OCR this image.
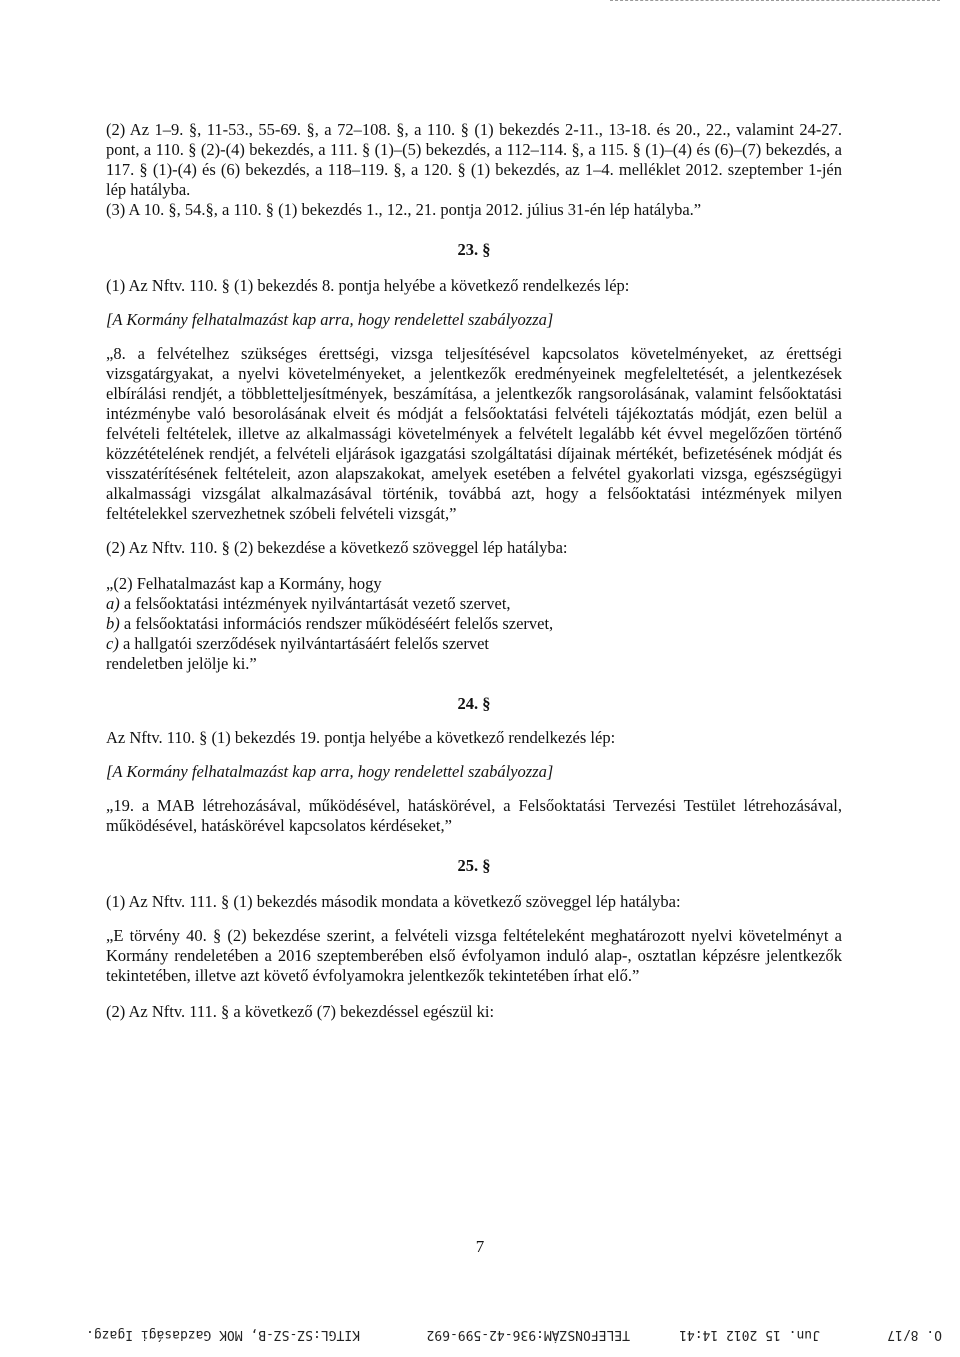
(2) Az 1–9. §, 11-53., 55-69. §, a 72–108. §, a 110. § (1) bekezdés 2-11., 13-18. és 20., 22., valamint 24-27. pont, a 110. § (2)-(4) bekezdés, a 111. § (1)–(5) bekezdés, a 112–114. §, a 115. § (1)–(4) és (6)–(7) bekezdés, a 117. § (1)-(4) és (6) bekezdés, a 118–119. §, a 120. § (1) bekezdés, az 1–4. melléklet 2012. szeptember 1-jén lép hatályba.

(3) A 10. §, 54.§, a 110. § (1) bekezdés 1., 12., 21. pontja 2012. július 31-én lép hatályba.”

23. §

(1) Az Nftv. 110. § (1) bekezdés 8. pontja helyébe a következő rendelkezés lép:

[A Kormány felhatalmazást kap arra, hogy rendelettel szabályozza]

„8. a felvételhez szükséges érettségi, vizsga teljesítésével kapcsolatos követelményeket, az érettségi vizsgatárgyakat, a nyelvi követelményeket, a jelentkezők eredményeinek megfeleltetését, a jelentkezések elbírálási rendjét, a többletteljesítmények, beszámítása, a jelentkezők rangsorolásának, valamint felsőoktatási intézménybe való besorolásának elveit és módját a felsőoktatási felvételi tájékoztatás módját, ezen belül a felvételi feltételek, illetve az alkalmassági követelmények a felvételt legalább két évvel megelőzően történő közzétételének rendjét, a felvételi eljárások igazgatási szolgáltatási díjainak mértékét, befizetésének módját és visszatérítésének feltételeit, azon alapszakokat, amelyek esetében a felvétel gyakorlati vizsga, egészségügyi alkalmassági vizsgálat alkalmazásával történik, továbbá azt, hogy a felsőoktatási intézmények milyen feltételekkel szervezhetnek szóbeli felvételi vizsgát,”

(2) Az Nftv. 110. § (2) bekezdése a következő szöveggel lép hatályba:

„(2) Felhatalmazást kap a Kormány, hogy

a) a felsőoktatási intézmények nyilvántartását vezető szervet,

b) a felsőoktatási információs rendszer működéséért felelős szervet,

c) a hallgatói szerződések nyilvántartásáért felelős szervet

rendeletben jelölje ki.”

24. §

Az Nftv. 110. § (1) bekezdés 19. pontja helyébe a következő rendelkezés lép:

[A Kormány felhatalmazást kap arra, hogy rendelettel szabályozza]

„19. a MAB létrehozásával, működésével, hatáskörével, a Felsőoktatási Tervezési Testület létrehozásával, működésével, hatáskörével kapcsolatos kérdéseket,”

25. §

(1) Az Nftv. 111. § (1) bekezdés második mondata a következő szöveggel lép hatályba:

„E törvény 40. § (2) bekezdése szerint, a felvételi vizsga feltételeként meghatározott nyelvi követelményt a Kormány rendeletében a 2016 szeptemberében első évfolyamon induló alap-, osztatlan képzésre jelentkezők tekintetében, illetve azt követő évfolyamokra jelentkezők tekintetében írhat elő.”

(2) Az Nftv. 111. § a következő (7) bekezdéssel egészül ki:

7
KITGL:SZ-SZ-B, MOK Gazdasági Igazg.	TELEFONSZÁM:936-42-599-692	Jun. 15 2012 14:41	O. 8/17
